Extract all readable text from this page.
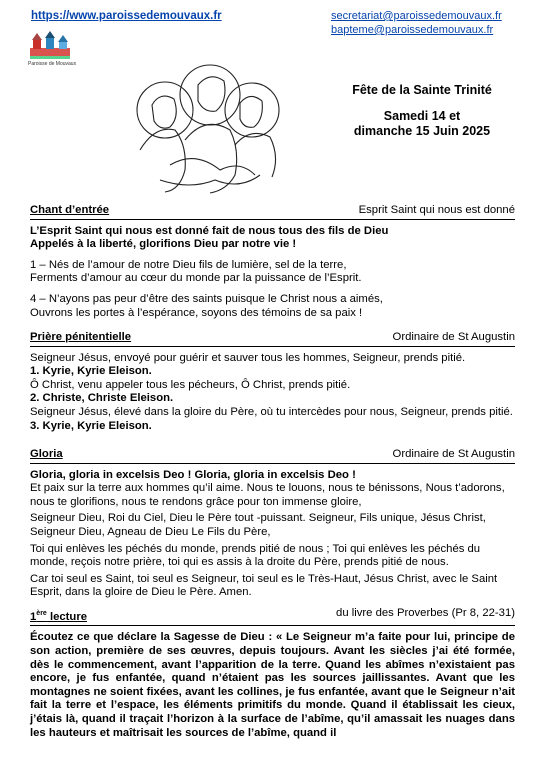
https://www.paroissedemouvaux.fr	secretariat@paroissedemouvaux.fr
bapteme@paroissedemouvaux.fr
Paroisse de Mouvaux
Fête de la Sainte Trinité
Samedi 14 et
dimanche 15 Juin 2025
Chant d’entrée	Esprit Saint qui nous est donné
L’Esprit Saint qui nous est donné fait de nous tous des fils de Dieu
Appelés à la liberté, glorifions Dieu par notre vie !
1 – Nés de l’amour de notre Dieu fils de lumière, sel de la terre,
Ferments d’amour au cœur du monde par la puissance de l’Esprit.
4 – N’ayons pas peur d’être des saints puisque le Christ nous a aimés,
Ouvrons les portes à l’espérance, soyons des témoins de sa paix !
Prière pénitentielle	Ordinaire de St Augustin
Seigneur Jésus, envoyé pour guérir et sauver tous les hommes, Seigneur, prends pitié.
1. Kyrie, Kyrie Eleison.
Ô Christ, venu appeler tous les pécheurs, Ô Christ, prends pitié.
2. Christe, Christe Eleison.
Seigneur Jésus, élevé dans la gloire du Père, où tu intercèdes pour nous, Seigneur, prends pitié.
3. Kyrie, Kyrie Eleison.
Gloria	Ordinaire de St Augustin
Gloria, gloria in excelsis Deo ! Gloria, gloria in excelsis Deo !
Et paix sur la terre aux hommes qu’il aime. Nous te louons, nous te bénissons, Nous t’adorons, nous te glorifions, nous te rendons grâce pour ton immense gloire,
Seigneur Dieu, Roi du Ciel, Dieu le Père tout -puissant. Seigneur, Fils unique, Jésus Christ, Seigneur Dieu, Agneau de Dieu Le Fils du Père,
Toi qui enlèves les péchés du monde, prends pitié de nous ; Toi qui enlèves les péchés du monde, reçois notre prière, toi qui es assis à la droite du Père, prends pitié de nous.
Car toi seul es Saint, toi seul es Seigneur, toi seul es le Très-Haut, Jésus Christ, avec le Saint Esprit, dans la gloire de Dieu le Père. Amen.
1ère lecture	du livre des Proverbes (Pr 8, 22-31)
Écoutez ce que déclare la Sagesse de Dieu : « Le Seigneur m’a faite pour lui, principe de son action, première de ses œuvres, depuis toujours. Avant les siècles j’ai été formée, dès le commencement, avant l’apparition de la terre. Quand les abîmes n’existaient pas encore, je fus enfantée, quand n’étaient pas les sources jaillissantes. Avant que les montagnes ne soient fixées, avant les collines, je fus enfantée, avant que le Seigneur n’ait fait la terre et l’espace, les éléments primitifs du monde. Quand il établissait les cieux, j’étais là, quand il traçait l’horizon à la surface de l’abîme, qu’il amassait les nuages dans les hauteurs et maîtrisait les sources de l’abîme, quand il
